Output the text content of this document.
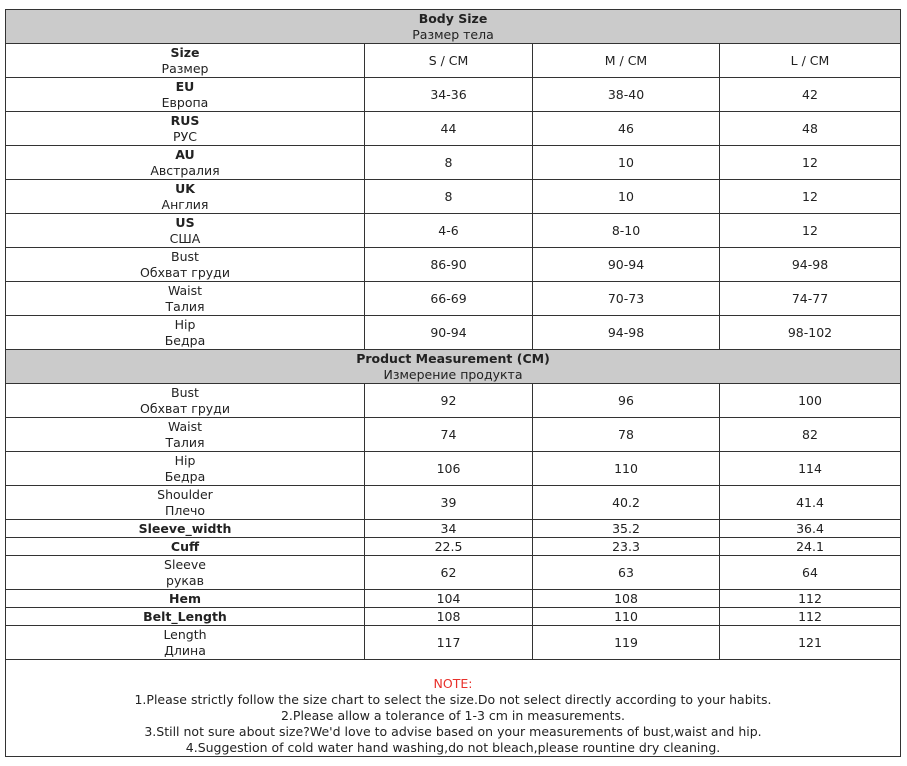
Body Size
Размер тела			

Size
Размер	S / CM	M / CM	L / CM

EU
Европа	34-36	38-40	42

RUS
РУС	44	46	48

AU
Австралия	8	10	12

UK
Англия	8	10	12

US
США	4-6	8-10	12

Bust
Обхват груди	86-90	90-94	94-98

Waist
Талия	66-69	70-73	74-77

Hip
Бедра	90-94	94-98	98-102

Product Measurement (CM)
Измерение продукта			

Bust
Обхват груди	92	96	100

Waist
Талия	74	78	82

Hip
Бедра	106	110	114

Shoulder
Плечо	39	40.2	41.4

Sleeve_width	34	35.2	36.4

Cuff	22.5	23.3	24.1

Sleeve
рукав	62	63	64

Hem	104	108	112

Belt_Length	108	110	112

Length
Длина	117	119	121

NOTE:
1.Please strictly follow the size chart to select the size.Do not select directly according to your habits.
2.Please allow a tolerance of 1-3 cm in measurements.
3.Still not sure about size?We'd love to advise based on your measurements of bust,waist and hip.
4.Suggestion of cold water hand washing,do not bleach,please rountine dry cleaning.			
